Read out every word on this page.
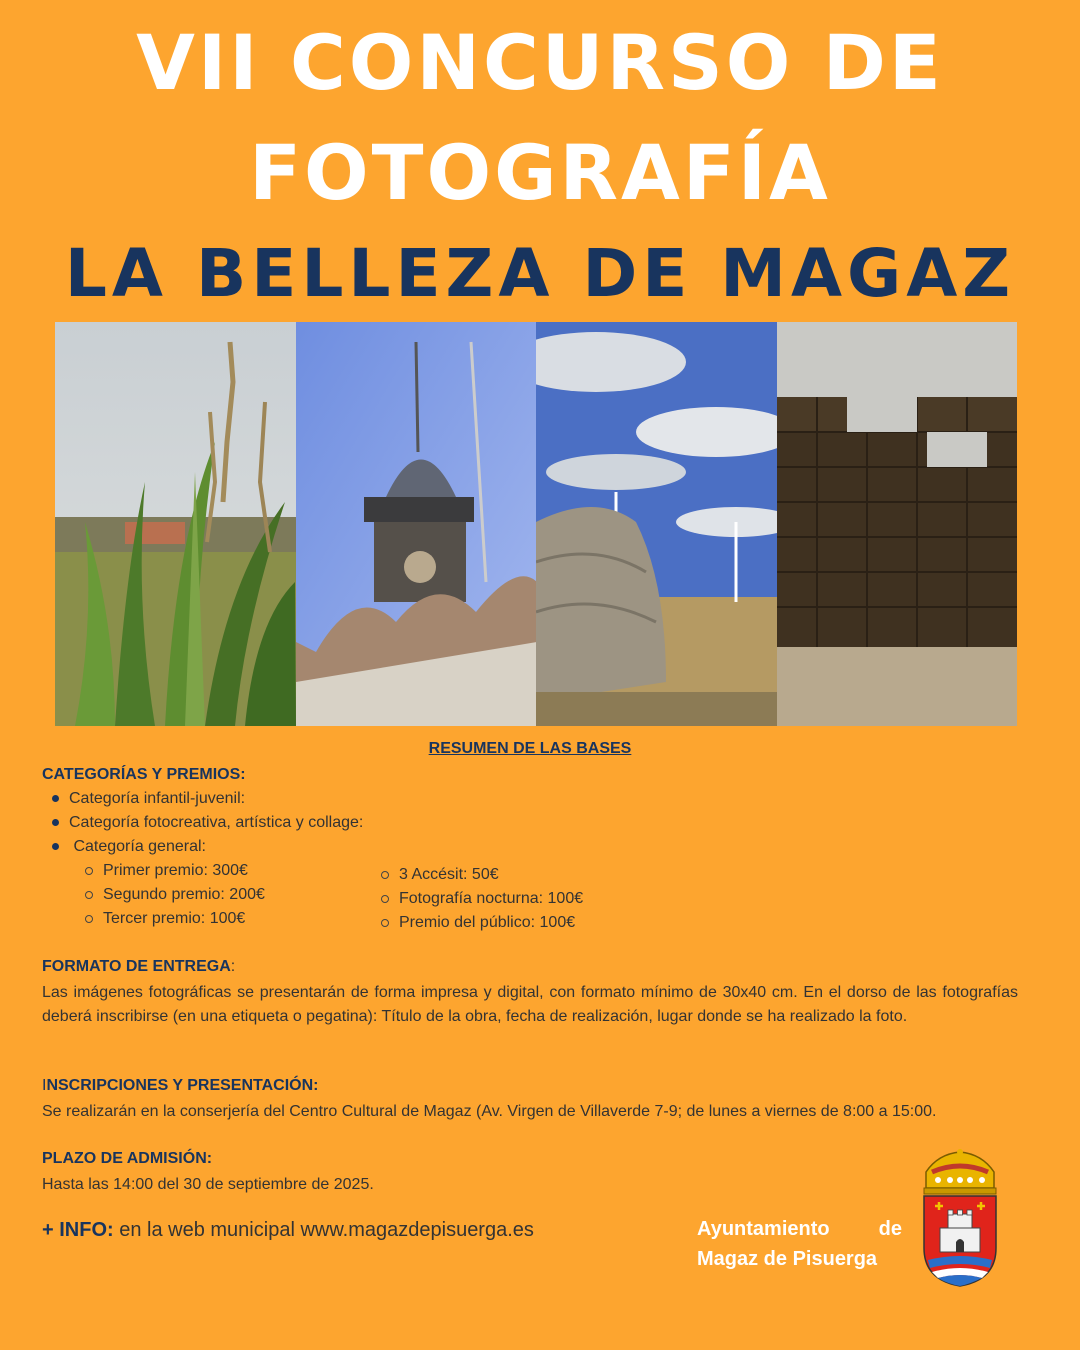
VII CONCURSO DE
FOTOGRAFÍA
LA BELLEZA DE MAGAZ
RESUMEN DE LAS BASES
CATEGORÍAS Y PREMIOS:
Categoría infantil-juvenil:
Categoría fotocreativa, artística y collage:
Categoría general:
Primer premio: 300€
Segundo premio: 200€
Tercer premio: 100€
3 Accésit: 50€
Fotografía nocturna: 100€
Premio del público: 100€
FORMATO DE ENTREGA:
Las imágenes fotográficas se presentarán de forma impresa y digital, con formato mínimo de 30x40 cm. En el dorso de las fotografías deberá inscribirse (en una etiqueta o pegatina): Título de la obra, fecha de realización, lugar donde se ha realizado la foto.
INSCRIPCIONES Y PRESENTACIÓN:
Se realizarán en la conserjería del Centro Cultural de Magaz (Av. Virgen de Villaverde 7-9; de lunes a viernes de 8:00 a 15:00.
PLAZO DE ADMISIÓN:
Hasta las 14:00 del 30 de septiembre de 2025.
+ INFO: en la web municipal www.magazdepisuerga.es	Ayuntamiento de
Magaz de Pisuerga
